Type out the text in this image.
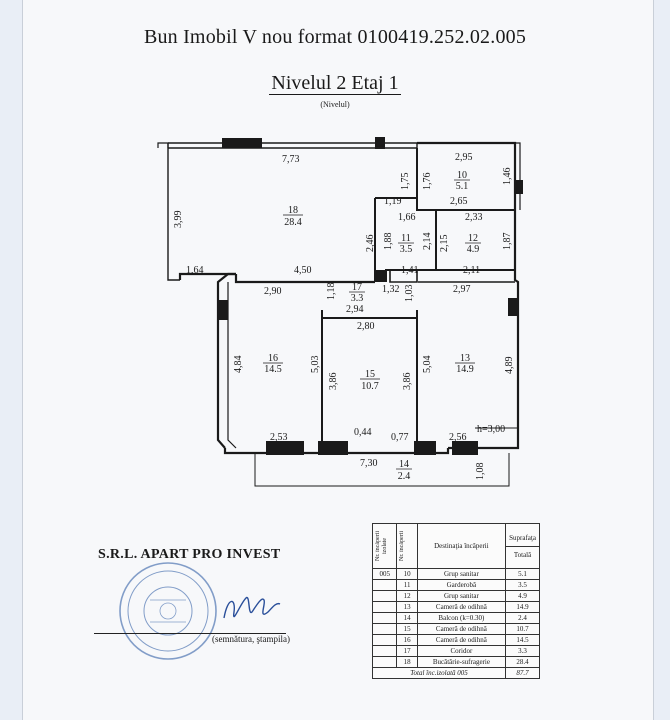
Bun Imobil V nou format 0100419.252.02.005
Nivelul 2 Etaj 1
(Nivelul)
7,73	2,95
1,46
1,75 1,76
2,65
1,19
3,99	1,66	2,33
2,46 1,88	2,14 2,15	1,87
1,64	4,50	1,41	2,11
2,90	1,18	1,32 1,03	2,97
2,94
2,80
4,84	5,03	5,04	4,89
3,86	3,86
2,53	0,44 0,77	2,56
h=3,00
7,30	1,08
18
28.4
10
5.1
11
3.5
12
4.9
17
3.3
16
14.5	15
10.7
13
14.9
14
2.4
S.R.L. APART PRO INVEST
(semnătura, ştampila)
Nr. încăperii izolate	Nr. încăperii	Destinaţia încăperii	Suprafaţa
Totală

005	10	Grup sanitar	5.1
	11	Garderobă	3.5
	12	Grup sanitar	4.9
	13	Cameră de odihnă	14.9
	14	Balcon (k=0.30)	2.4
	15	Cameră de odihnă	10.7
	16	Cameră de odihnă	14.5
	17	Coridor	3.3
	18	Bucătărie-sufragerie	28.4
Total înc.izolată 005			87.7
